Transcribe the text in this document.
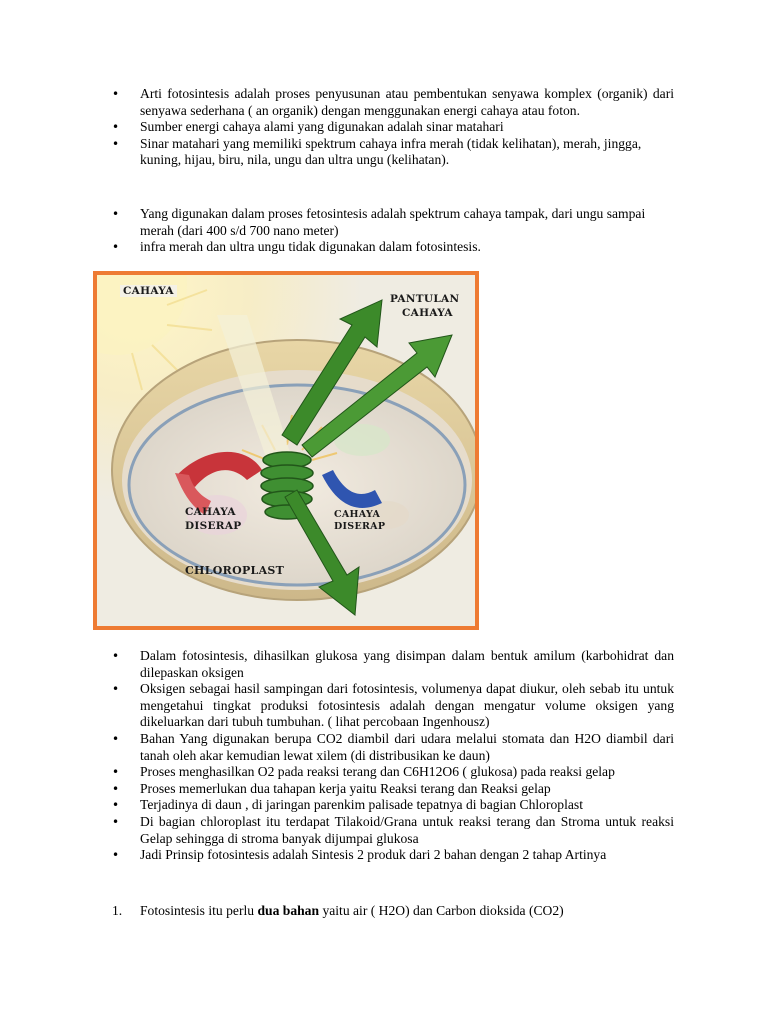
• Arti fotosintesis adalah proses penyusunan atau pembentukan senyawa komplex (organik) dari senyawa sederhana ( an organik) dengan menggunakan energi cahaya atau foton.
• Sumber energi cahaya alami yang digunakan adalah sinar matahari
• Sinar matahari yang memiliki spektrum cahaya infra merah (tidak kelihatan), merah, jingga, kuning, hijau, biru, nila, ungu dan ultra ungu (kelihatan).
• Yang digunakan dalam proses fetosintesis adalah spektrum cahaya tampak, dari ungu sampai merah (dari 400 s/d 700 nano meter)
• infra merah dan ultra ungu tidak digunakan dalam fotosintesis.
CAHAYA
PANTULAN
CAHAYA
CAHAYA
DISERAP
CAHAYA
DISERAP
CHLOROPLAST
• Dalam fotosintesis, dihasilkan glukosa yang disimpan dalam bentuk amilum (karbohidrat dan dilepaskan oksigen
• Oksigen sebagai hasil sampingan dari fotosintesis, volumenya dapat diukur, oleh sebab itu untuk mengetahui tingkat produksi fotosintesis adalah dengan mengatur volume oksigen yang dikeluarkan dari tubuh tumbuhan. ( lihat percobaan Ingenhousz)
• Bahan Yang digunakan berupa CO2 diambil dari udara melalui stomata dan H2O diambil dari tanah oleh akar kemudian lewat xilem (di distribusikan ke daun)
• Proses menghasilkan O2 pada reaksi terang dan C6H12O6 ( glukosa) pada reaksi gelap
• Proses memerlukan dua tahapan kerja yaitu Reaksi terang dan Reaksi gelap
• Terjadinya di daun , di jaringan parenkim palisade tepatnya di bagian Chloroplast
• Di bagian chloroplast itu terdapat Tilakoid/Grana untuk reaksi terang dan Stroma untuk reaksi Gelap sehingga di stroma banyak dijumpai glukosa
• Jadi Prinsip fotosintesis adalah Sintesis 2 produk dari 2 bahan dengan 2 tahap Artinya
1. Fotosintesis itu perlu dua bahan yaitu air ( H2O) dan Carbon dioksida (CO2)
